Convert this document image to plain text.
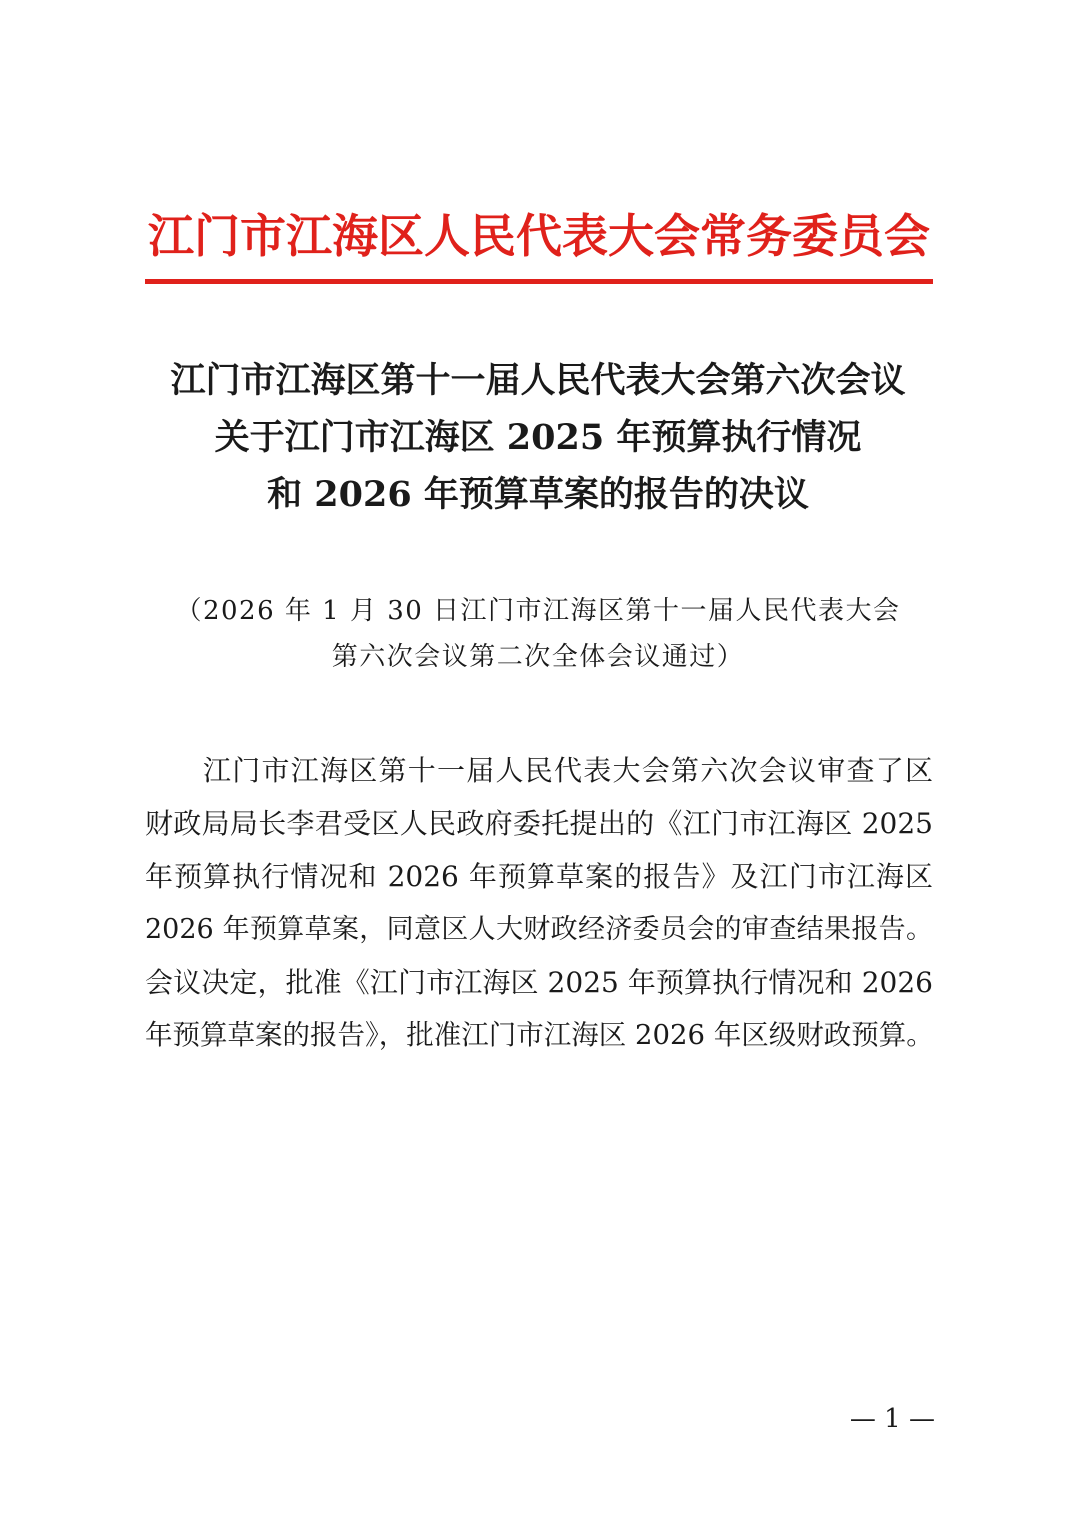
江门市江海区人民代表大会常务委员会
江门市江海区第十一届人民代表大会第六次会议
关于江门市江海区 2025 年预算执行情况
和 2026 年预算草案的报告的决议
（2026 年 1 月 30 日江门市江海区第十一届人民代表大会
第六次会议第二次全体会议通过）
江门市江海区第十一届人民代表大会第六次会议审查了区
财政局局长李君受区人民政府委托提出的《江门市江海区 2025
年预算执行情况和 2026 年预算草案的报告》及江门市江海区
2026 年预算草案，同意区人大财政经济委员会的审查结果报告。
会议决定，批准《江门市江海区 2025 年预算执行情况和 2026
年预算草案的报告》，批准江门市江海区 2026 年区级财政预算。
— 1 —
